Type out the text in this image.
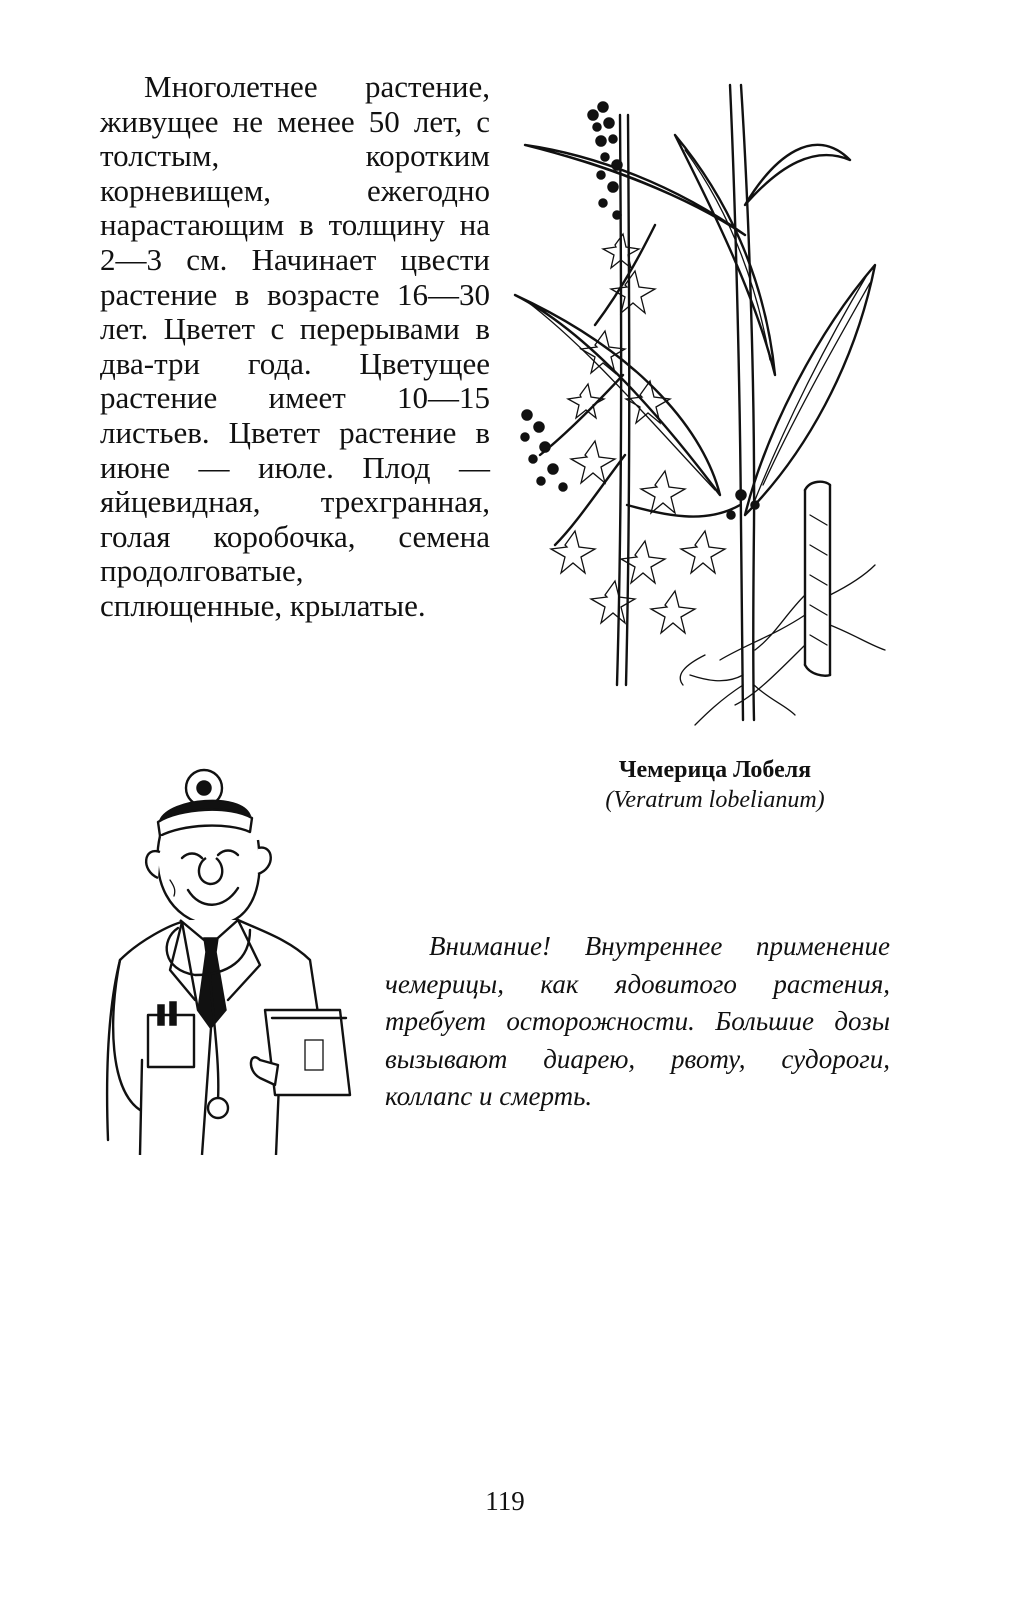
Многолетнее растение, живущее не менее 50 лет, с толстым, коротким корневищем, ежегодно нарастающим в толщину на 2—3 см. Начинает цвести растение в возрасте 16—30 лет. Цветет с перерывами в два-три года. Цветущее растение имеет 10—15 листьев. Цветет растение в июне — июле. Плод — яйцевидная, трехгранная, голая коробочка, семена продолговатые, сплющенные, крылатые.

Чемерица Лобеля
(Veratrum lobelianum)

Внимание! Внутреннее применение чемерицы, как ядовитого растения, требует осторожности. Большие дозы вызывают диарею, рвоту, судороги, коллапс и смерть.

119
